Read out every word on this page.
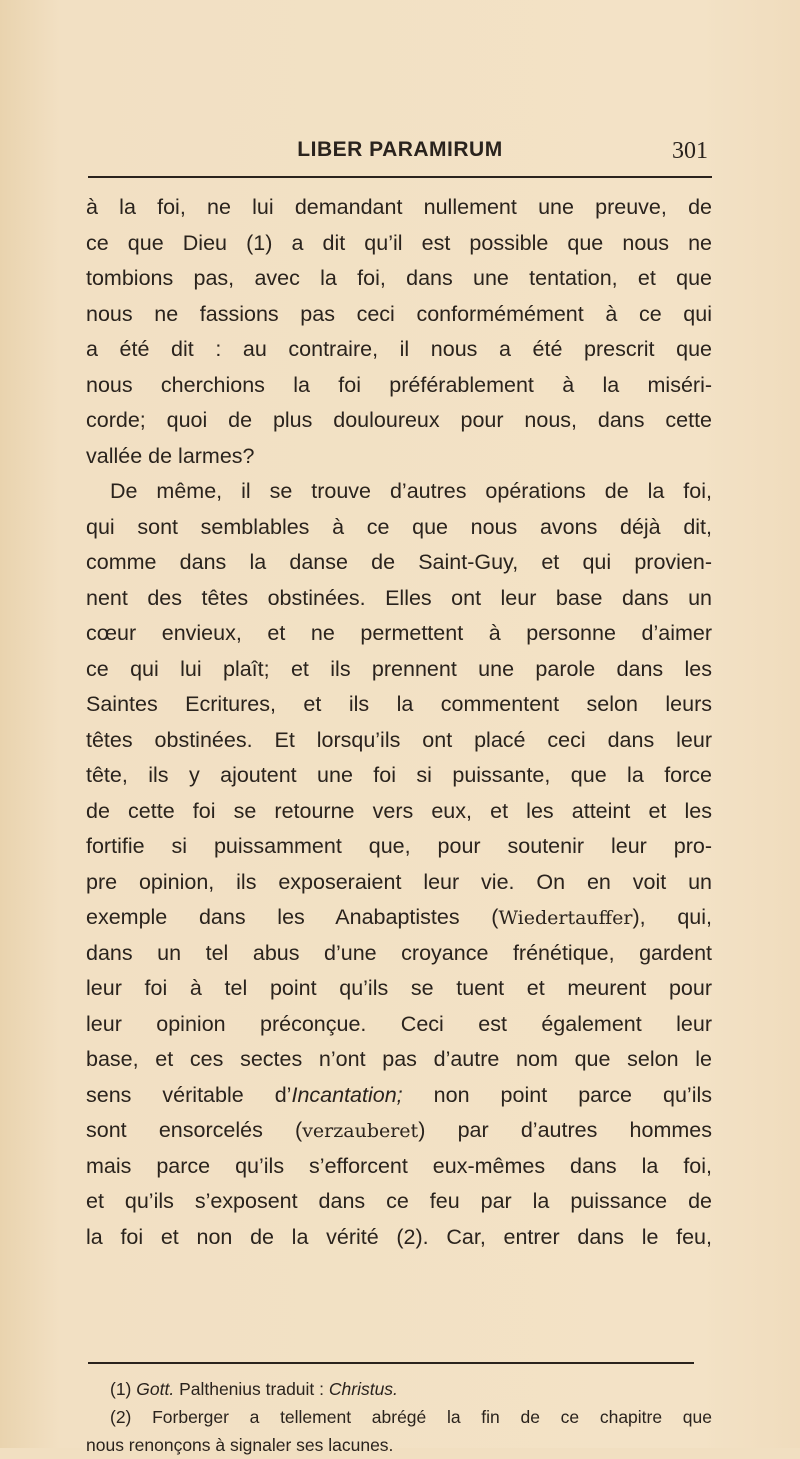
LIBER PARAMIRUM	301
à la foi, ne lui demandant nullement une preuve, de
ce que Dieu (1) a dit qu’il est possible que nous ne
tombions pas, avec la foi, dans une tentation, et que
nous ne fassions pas ceci conformémément à ce qui
a été dit : au contraire, il nous a été prescrit que
nous cherchions la foi préférablement à la miséri-
corde; quoi de plus douloureux pour nous, dans cette
vallée de larmes?
De même, il se trouve d’autres opérations de la foi,
qui sont semblables à ce que nous avons déjà dit,
comme dans la danse de Saint-Guy, et qui provien-
nent des têtes obstinées. Elles ont leur base dans un
cœur envieux, et ne permettent à personne d’aimer
ce qui lui plaît; et ils prennent une parole dans les
Saintes Ecritures, et ils la commentent selon leurs
têtes obstinées. Et lorsqu’ils ont placé ceci dans leur
tête, ils y ajoutent une foi si puissante, que la force
de cette foi se retourne vers eux, et les atteint et les
fortifie si puissamment que, pour soutenir leur pro-
pre opinion, ils exposeraient leur vie. On en voit un
exemple dans les Anabaptistes (Wiedertauffer), qui,
dans un tel abus d’une croyance frénétique, gardent
leur foi à tel point qu’ils se tuent et meurent pour
leur opinion préconçue. Ceci est également leur
base, et ces sectes n’ont pas d’autre nom que selon le
sens véritable d’Incantation; non point parce qu’ils
sont ensorcelés (verzauberet) par d’autres hommes
mais parce qu’ils s’efforcent eux-mêmes dans la foi,
et qu’ils s’exposent dans ce feu par la puissance de
la foi et non de la vérité (2). Car, entrer dans le feu,
(1) Gott. Palthenius traduit : Christus.
(2) Forberger a tellement abrégé la fin de ce chapitre que
nous renonçons à signaler ses lacunes.
